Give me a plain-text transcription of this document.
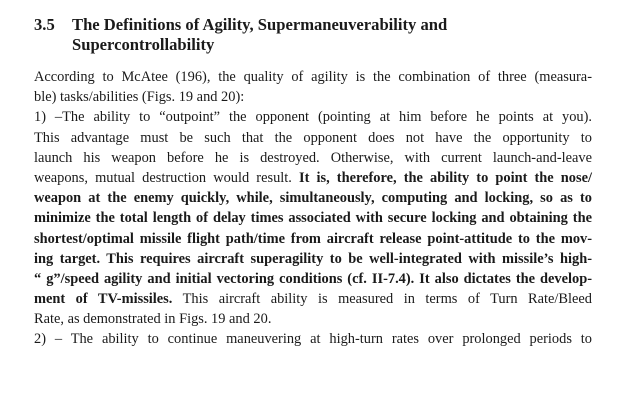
3.5 The Definitions of Agility, Supermaneuverability and
Supercontrollability
According to McAtee (196), the quality of agility is the combination of three (measura-
ble) tasks/abilities (Figs. 19 and 20):
1) –The ability to “outpoint” the opponent (pointing at him before he points at you).
This advantage must be such that the opponent does not have the opportunity to
launch his weapon before he is destroyed. Otherwise, with current launch-and-leave
weapons, mutual destruction would result. It is, therefore, the ability to point the nose/
weapon at the enemy quickly, while, simultaneously, computing and locking, so as to
minimize the total length of delay times associated with secure locking and obtaining the
shortest/optimal missile flight path/time from aircraft release point-attitude to the mov-
ing target. This requires aircraft superagility to be well-integrated with missile’s high-
“ g”/speed agility and initial vectoring conditions (cf. II-7.4). It also dictates the develop-
ment of TV-missiles. This aircraft ability is measured in terms of Turn Rate/Bleed
Rate, as demonstrated in Figs. 19 and 20.
2) – The ability to continue maneuvering at high-turn rates over prolonged periods to
